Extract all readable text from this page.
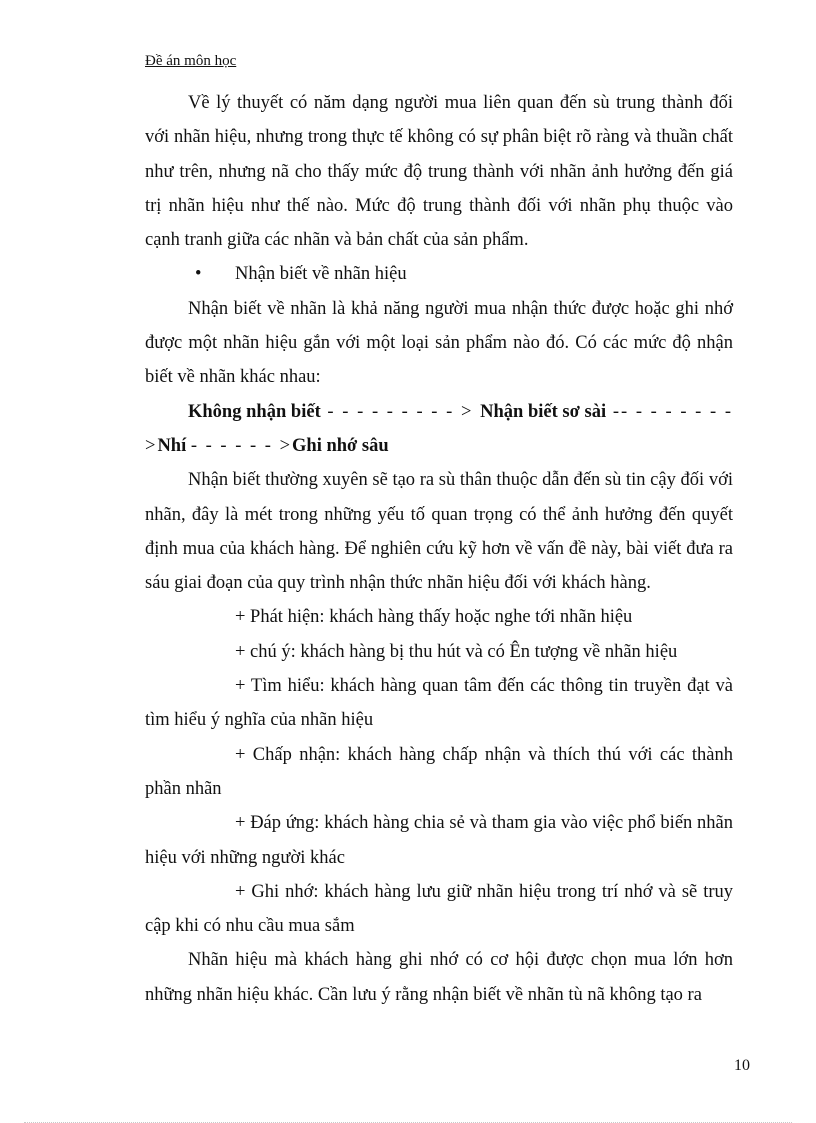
Đề án môn học

Về lý thuyết có năm dạng người mua liên quan đến sù trung thành đối với nhãn hiệu, nhưng trong thực tế không có sự phân biệt rõ ràng và thuần chất như trên, nhưng nã cho thấy mức độ trung thành với nhãn ảnh hưởng đến giá trị nhãn hiệu như thế nào. Mức độ trung thành đối với nhãn phụ thuộc vào cạnh tranh giữa các nhãn và bản chất của sản phẩm.

• Nhận biết về nhãn hiệu

Nhận biết về nhãn là khả năng người mua nhận thức được hoặc ghi nhớ được một nhãn hiệu gắn với một loại sản phẩm nào đó. Có các mức độ nhận biết về nhãn khác nhau:

Không nhận biết - - - - - - - - - > Nhận biết sơ sài -- - - - - - - - >Nhí - - - - - - >Ghi nhớ sâu

Nhận biết thường xuyên sẽ tạo ra sù thân thuộc dẫn đến sù tin cậy đối với nhãn, đây là mét trong những yếu tố quan trọng có thể ảnh hưởng đến quyết định mua của khách hàng. Để nghiên cứu kỹ hơn về vấn đề này, bài viết đưa ra sáu giai đoạn của quy trình nhận thức nhãn hiệu đối với khách hàng.

+ Phát hiện: khách hàng thấy hoặc nghe tới nhãn hiệu

+ chú ý: khách hàng bị thu hút và có Ên tượng về nhãn hiệu

+ Tìm hiểu: khách hàng quan tâm đến các thông tin truyền đạt và tìm hiểu ý nghĩa của nhãn hiệu

+ Chấp nhận: khách hàng chấp nhận và thích thú với các thành phần nhãn

+ Đáp ứng: khách hàng chia sẻ và tham gia vào việc phổ biến nhãn hiệu với những người khác

+ Ghi nhớ: khách hàng lưu giữ nhãn hiệu trong trí nhớ và sẽ truy cập khi có nhu cầu mua sắm

Nhãn hiệu mà khách hàng ghi nhớ có cơ hội được chọn mua lớn hơn những nhãn hiệu khác. Cần lưu ý rằng nhận biết về nhãn tù nã không tạo ra

10
